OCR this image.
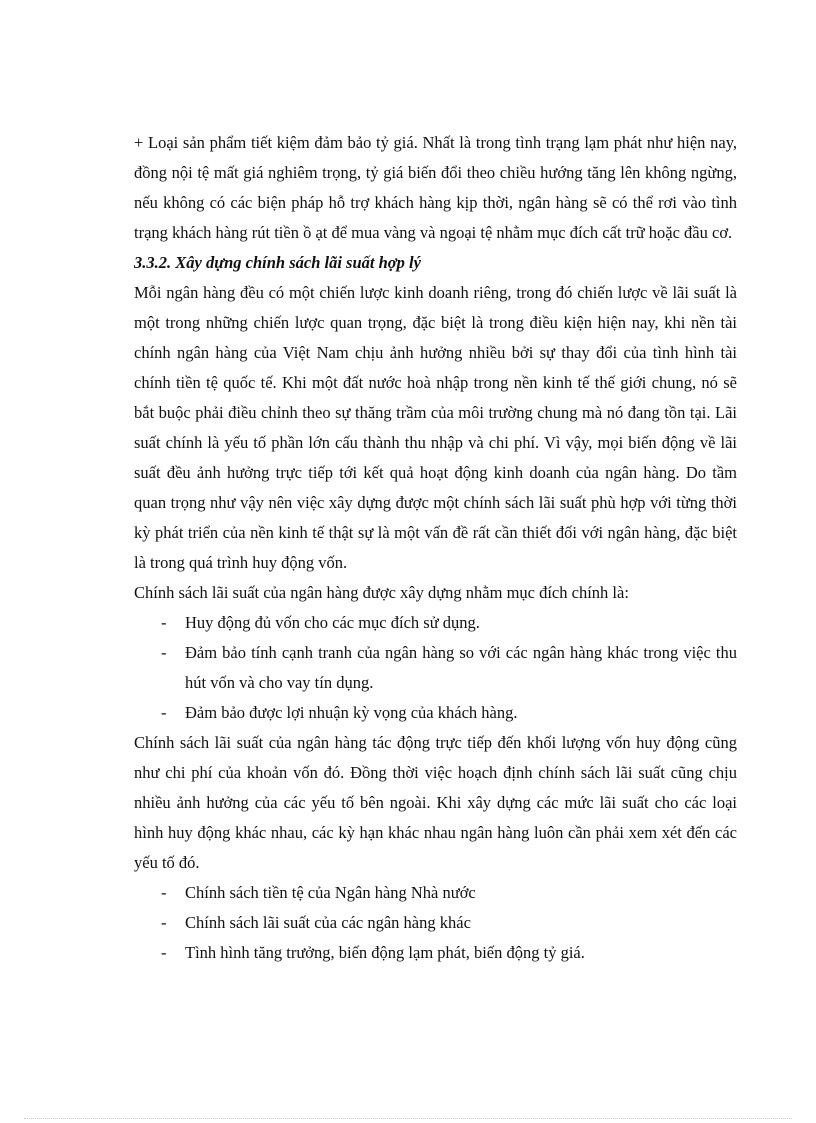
+ Loại sản phẩm tiết kiệm đảm bảo tỷ giá. Nhất là trong tình trạng lạm phát như hiện nay, đồng nội tệ mất giá nghiêm trọng, tỷ giá biến đổi theo chiều hướng tăng lên không ngừng, nếu không có các biện pháp hỗ trợ khách hàng kịp thời, ngân hàng sẽ có thể rơi vào tình trạng khách hàng rút tiền ồ ạt để mua vàng và ngoại tệ nhằm mục đích cất trữ hoặc đầu cơ.

3.3.2. Xây dựng chính sách lãi suất hợp lý

Mỗi ngân hàng đều có một chiến lược kinh doanh riêng, trong đó chiến lược về lãi suất là một trong những chiến lược quan trọng, đặc biệt là trong điều kiện hiện nay, khi nền tài chính ngân hàng của Việt Nam chịu ảnh hưởng nhiều bởi sự thay đổi của tình hình tài chính tiền tệ quốc tế. Khi một đất nước hoà nhập trong nền kinh tế thế giới chung, nó sẽ bắt buộc phải điều chỉnh theo sự thăng trầm của môi trường chung mà nó đang tồn tại. Lãi suất chính là yếu tố phần lớn cấu thành thu nhập và chi phí. Vì vậy, mọi biến động về lãi suất đều ảnh hưởng trực tiếp tới kết quả hoạt động kinh doanh của ngân hàng. Do tầm quan trọng như vậy nên việc xây dựng được một chính sách lãi suất phù hợp với từng thời kỳ phát triển của nền kinh tế thật sự là một vấn đề rất cần thiết đối với ngân hàng, đặc biệt là trong quá trình huy động vốn.

Chính sách lãi suất của ngân hàng được xây dựng nhằm mục đích chính là:

- Huy động đủ vốn cho các mục đích sử dụng.
- Đảm bảo tính cạnh tranh của ngân hàng so với các ngân hàng khác trong việc thu hút vốn và cho vay tín dụng.
- Đảm bảo được lợi nhuận kỳ vọng của khách hàng.

Chính sách lãi suất của ngân hàng tác động trực tiếp đến khối lượng vốn huy động cũng như chi phí của khoản vốn đó. Đồng thời việc hoạch định chính sách lãi suất cũng chịu nhiều ảnh hưởng của các yếu tố bên ngoài. Khi xây dựng các mức lãi suất cho các loại hình huy động khác nhau, các kỳ hạn khác nhau ngân hàng luôn cần phải xem xét đến các yếu tố đó.

- Chính sách tiền tệ của Ngân hàng Nhà nước
- Chính sách lãi suất của các ngân hàng khác
- Tình hình tăng trưởng, biến động lạm phát, biến động tỷ giá.
